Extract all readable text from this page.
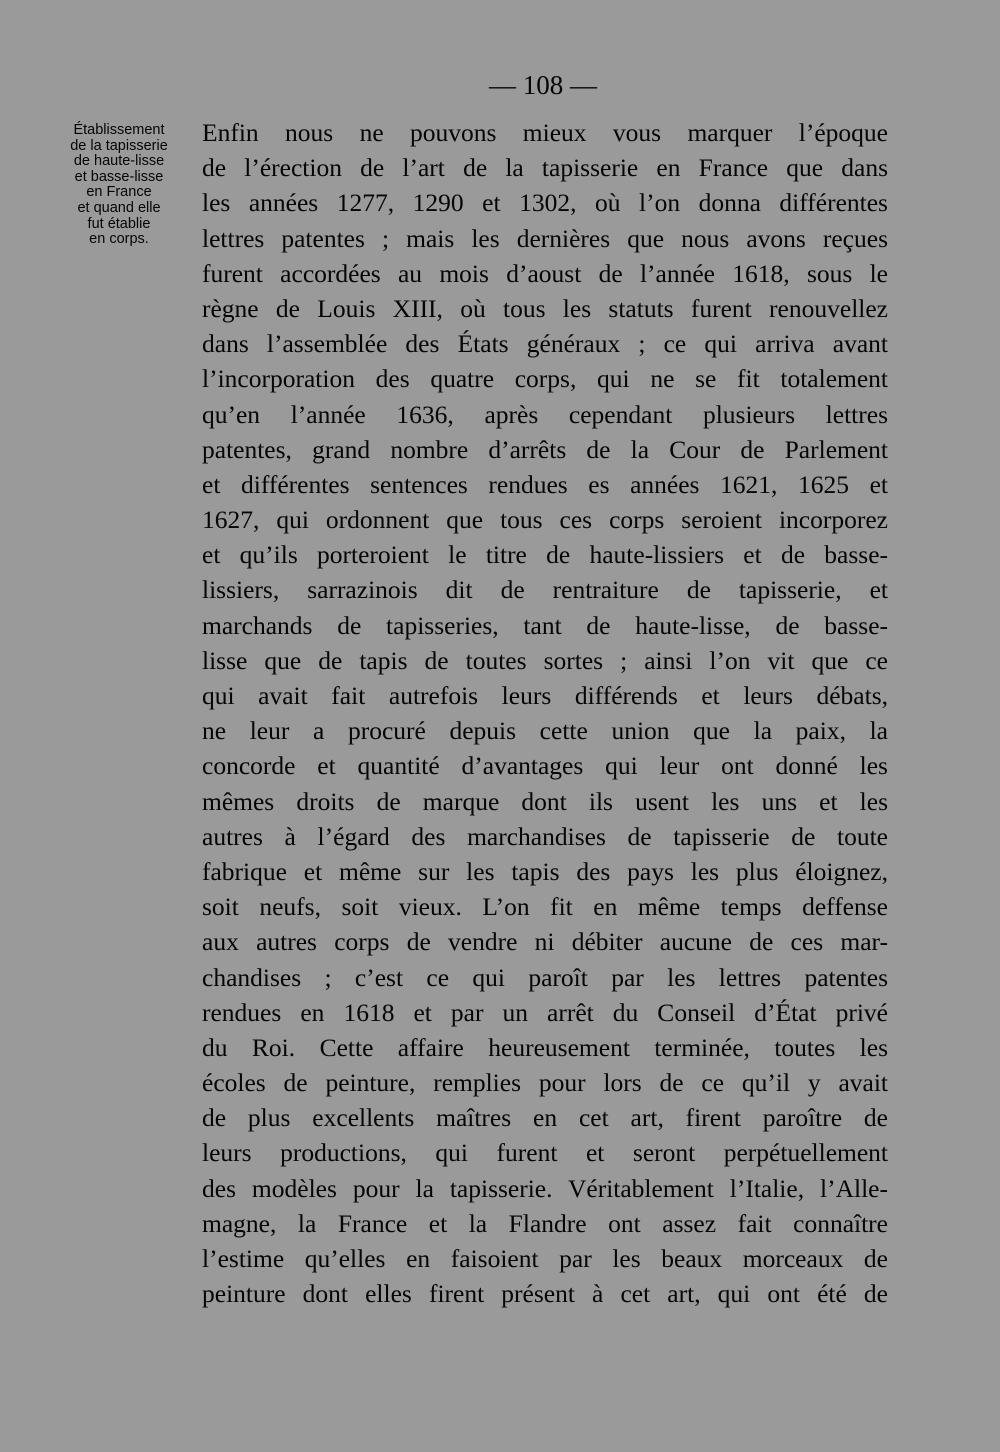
— 108 —
Établissement
de la tapisserie
de haute-lisse
et basse-lisse
en France
et quand elle
fut établie
en corps.
Enfin nous ne pouvons mieux vous marquer l’époque
de l’érection de l’art de la tapisserie en France que dans
les années 1277, 1290 et 1302, où l’on donna différentes
lettres patentes ; mais les dernières que nous avons reçues
furent accordées au mois d’aoust de l’année 1618, sous le
règne de Louis XIII, où tous les statuts furent renouvellez
dans l’assemblée des États généraux ; ce qui arriva avant
l’incorporation des quatre corps, qui ne se fit totalement
qu’en l’année 1636, après cependant plusieurs lettres
patentes, grand nombre d’arrêts de la Cour de Parlement
et différentes sentences rendues es années 1621, 1625 et
1627, qui ordonnent que tous ces corps seroient incorporez
et qu’ils porteroient le titre de haute-lissiers et de basse-
lissiers, sarrazinois dit de rentraiture de tapisserie, et
marchands de tapisseries, tant de haute-lisse, de basse-
lisse que de tapis de toutes sortes ; ainsi l’on vit que ce
qui avait fait autrefois leurs différends et leurs débats,
ne leur a procuré depuis cette union que la paix, la
concorde et quantité d’avantages qui leur ont donné les
mêmes droits de marque dont ils usent les uns et les
autres à l’égard des marchandises de tapisserie de toute
fabrique et même sur les tapis des pays les plus éloignez,
soit neufs, soit vieux. L’on fit en même temps deffense
aux autres corps de vendre ni débiter aucune de ces mar-
chandises ; c’est ce qui paroît par les lettres patentes
rendues en 1618 et par un arrêt du Conseil d’État privé
du Roi. Cette affaire heureusement terminée, toutes les
écoles de peinture, remplies pour lors de ce qu’il y avait
de plus excellents maîtres en cet art, firent paroître de
leurs productions, qui furent et seront perpétuellement
des modèles pour la tapisserie. Véritablement l’Italie, l’Alle-
magne, la France et la Flandre ont assez fait connaître
l’estime qu’elles en faisoient par les beaux morceaux de
peinture dont elles firent présent à cet art, qui ont été de
